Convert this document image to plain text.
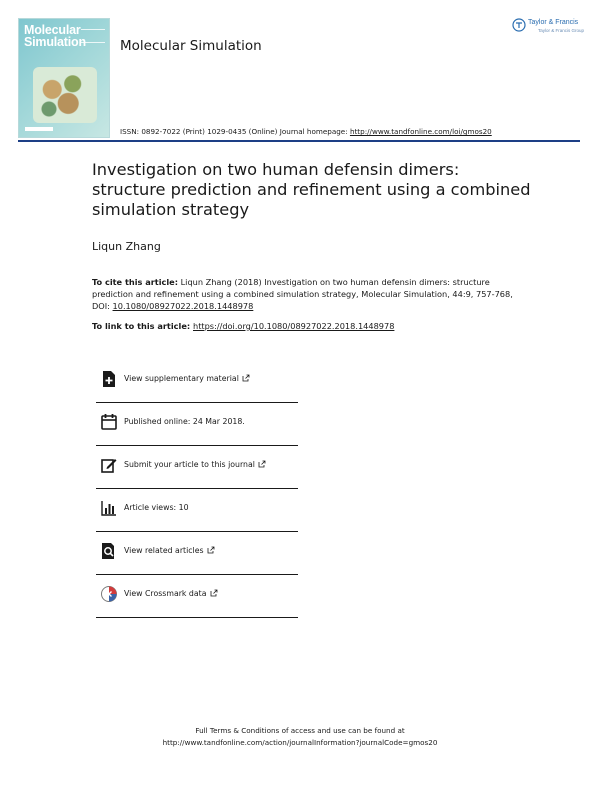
Molecular
Simulation	Molecular Simulation
Taylor & Francis
Taylor & Francis Group
ISSN: 0892-7022 (Print) 1029-0435 (Online) Journal homepage: http://www.tandfonline.com/loi/gmos20
Investigation on two human defensin dimers: structure prediction and refinement using a combined simulation strategy
Liqun Zhang
To cite this article: Liqun Zhang (2018) Investigation on two human defensin dimers: structure prediction and refinement using a combined simulation strategy, Molecular Simulation, 44:9, 757-768, DOI: 10.1080/08927022.2018.1448978
To link to this article: https://doi.org/10.1080/08927022.2018.1448978
View supplementary material
Published online: 24 Mar 2018.
Submit your article to this journal
Article views: 10
View related articles
View Crossmark data
Full Terms & Conditions of access and use can be found at
http://www.tandfonline.com/action/journalInformation?journalCode=gmos20
